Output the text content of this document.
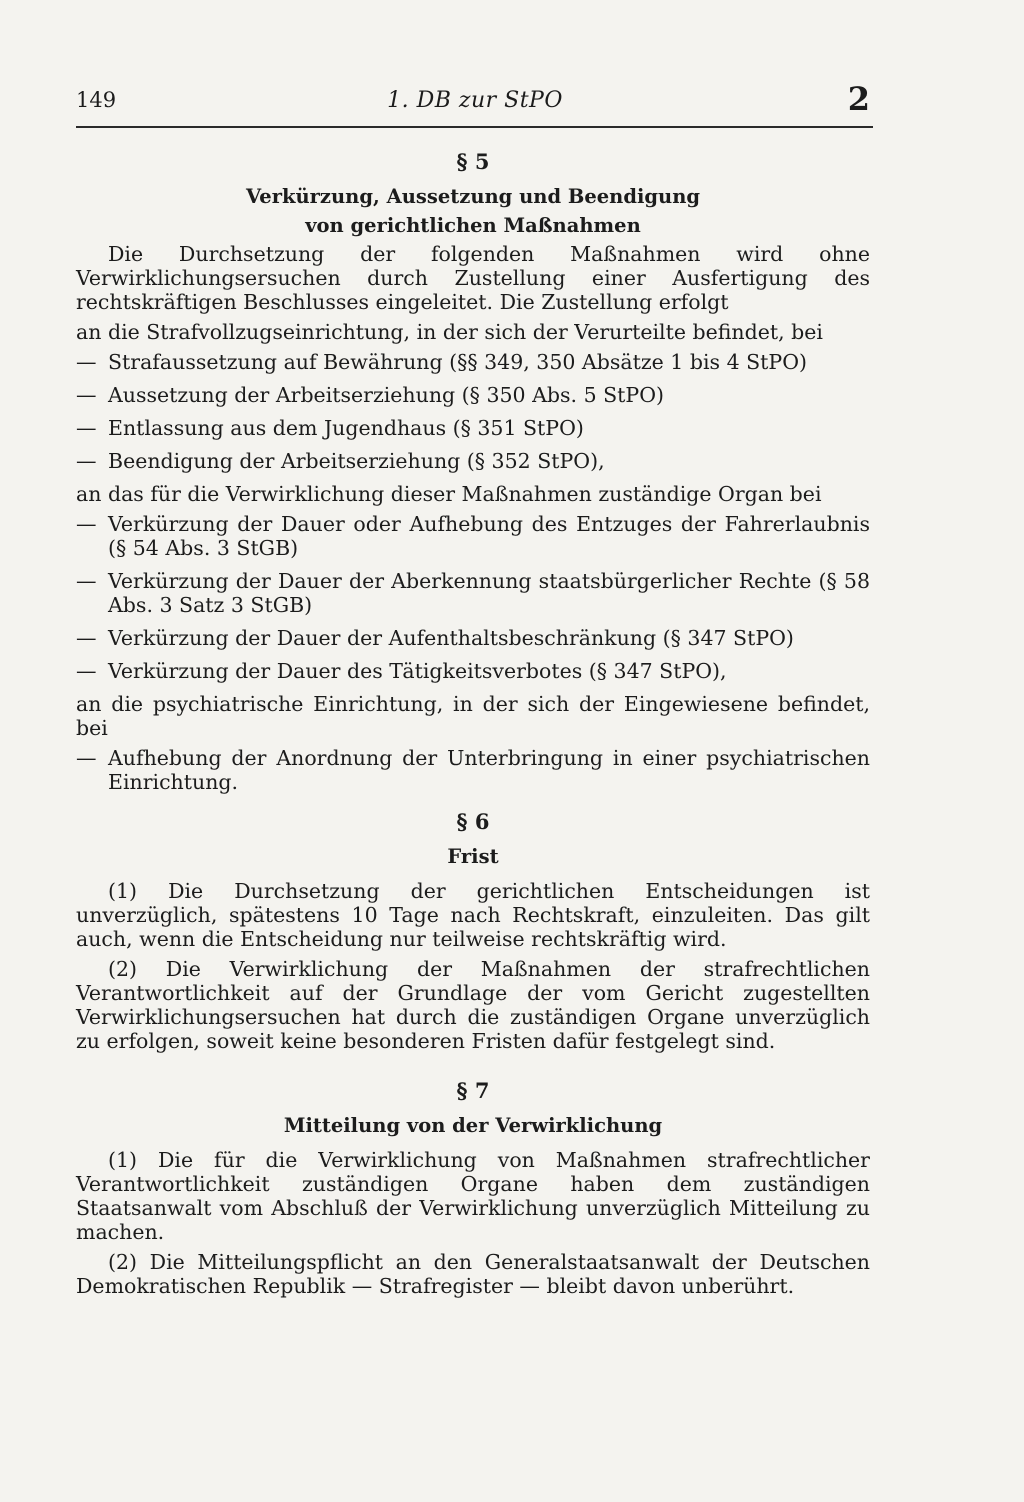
149	1. DB zur StPO	2
§ 5
Verkürzung, Aussetzung und Beendigung
von gerichtlichen Maßnahmen

Die Durchsetzung der folgenden Maßnahmen wird ohne Verwirklichungsersuchen durch Zustellung einer Ausfertigung des rechtskräftigen Beschlusses eingeleitet. Die Zustellung erfolgt

an die Strafvollzugseinrichtung, in der sich der Verurteilte befindet, bei

— Strafaussetzung auf Bewährung (§§ 349, 350 Absätze 1 bis 4 StPO)
— Aussetzung der Arbeitserziehung (§ 350 Abs. 5 StPO)
— Entlassung aus dem Jugendhaus (§ 351 StPO)
— Beendigung der Arbeitserziehung (§ 352 StPO),

an das für die Verwirklichung dieser Maßnahmen zuständige Organ bei

— Verkürzung der Dauer oder Aufhebung des Entzuges der Fahrerlaubnis (§ 54 Abs. 3 StGB)
— Verkürzung der Dauer der Aberkennung staatsbürgerlicher Rechte (§ 58 Abs. 3 Satz 3 StGB)
— Verkürzung der Dauer der Aufenthaltsbeschränkung (§ 347 StPO)
— Verkürzung der Dauer des Tätigkeitsverbotes (§ 347 StPO),

an die psychiatrische Einrichtung, in der sich der Eingewiesene befindet, bei

— Aufhebung der Anordnung der Unterbringung in einer psychiatrischen Einrichtung.
§ 6
Frist

(1) Die Durchsetzung der gerichtlichen Entscheidungen ist unverzüglich, spätestens 10 Tage nach Rechtskraft, einzuleiten. Das gilt auch, wenn die Entscheidung nur teilweise rechtskräftig wird.

(2) Die Verwirklichung der Maßnahmen der strafrechtlichen Verantwortlichkeit auf der Grundlage der vom Gericht zugestellten Verwirklichungsersuchen hat durch die zuständigen Organe unverzüglich zu erfolgen, soweit keine besonderen Fristen dafür festgelegt sind.

§ 7
Mitteilung von der Verwirklichung

(1) Die für die Verwirklichung von Maßnahmen strafrechtlicher Verantwortlichkeit zuständigen Organe haben dem zuständigen Staatsanwalt vom Abschluß der Verwirklichung unverzüglich Mitteilung zu machen.

(2) Die Mitteilungspflicht an den Generalstaatsanwalt der Deutschen Demokratischen Republik — Strafregister — bleibt davon unberührt.
